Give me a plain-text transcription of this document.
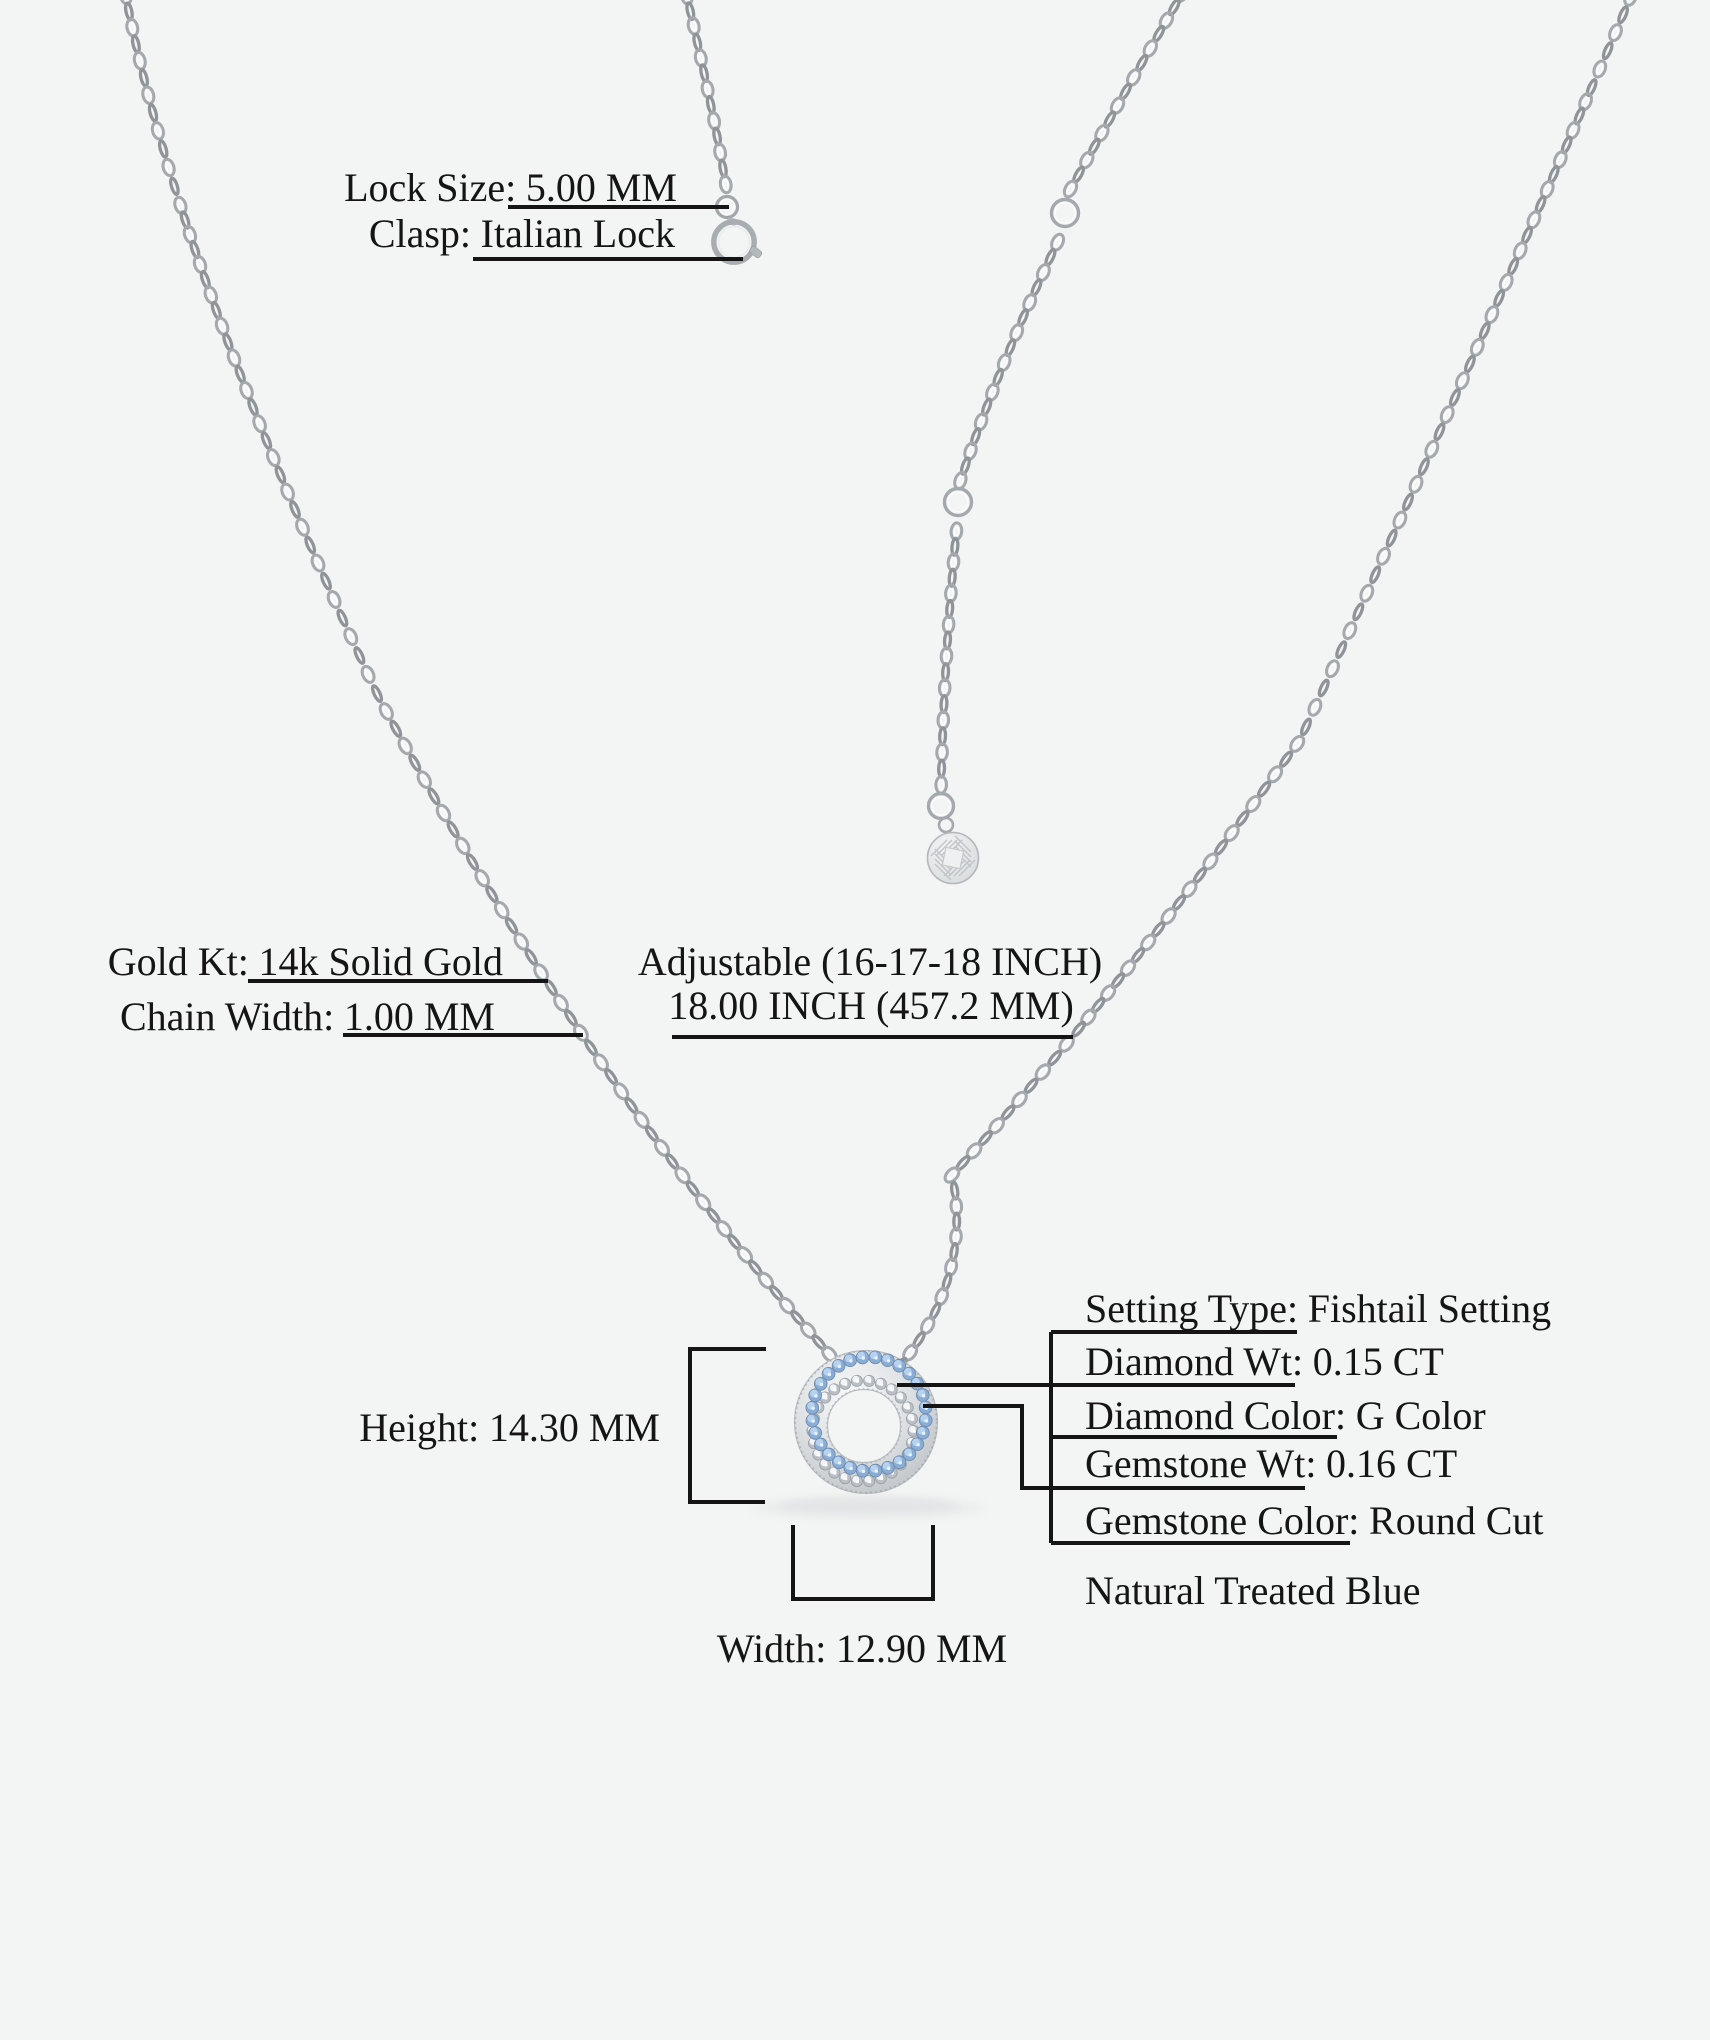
Lock Size: 5.00 MM
Clasp: Italian Lock
Gold Kt: 14k Solid Gold
Chain Width: 1.00 MM
Adjustable (16-17-18 INCH)
18.00 INCH (457.2 MM)
Height: 14.30 MM
Width: 12.90 MM
Setting Type: Fishtail Setting
Diamond Wt: 0.15 CT
Diamond Color: G Color
Gemstone Wt: 0.16 CT
Gemstone Color: Round Cut
Natural Treated Blue
